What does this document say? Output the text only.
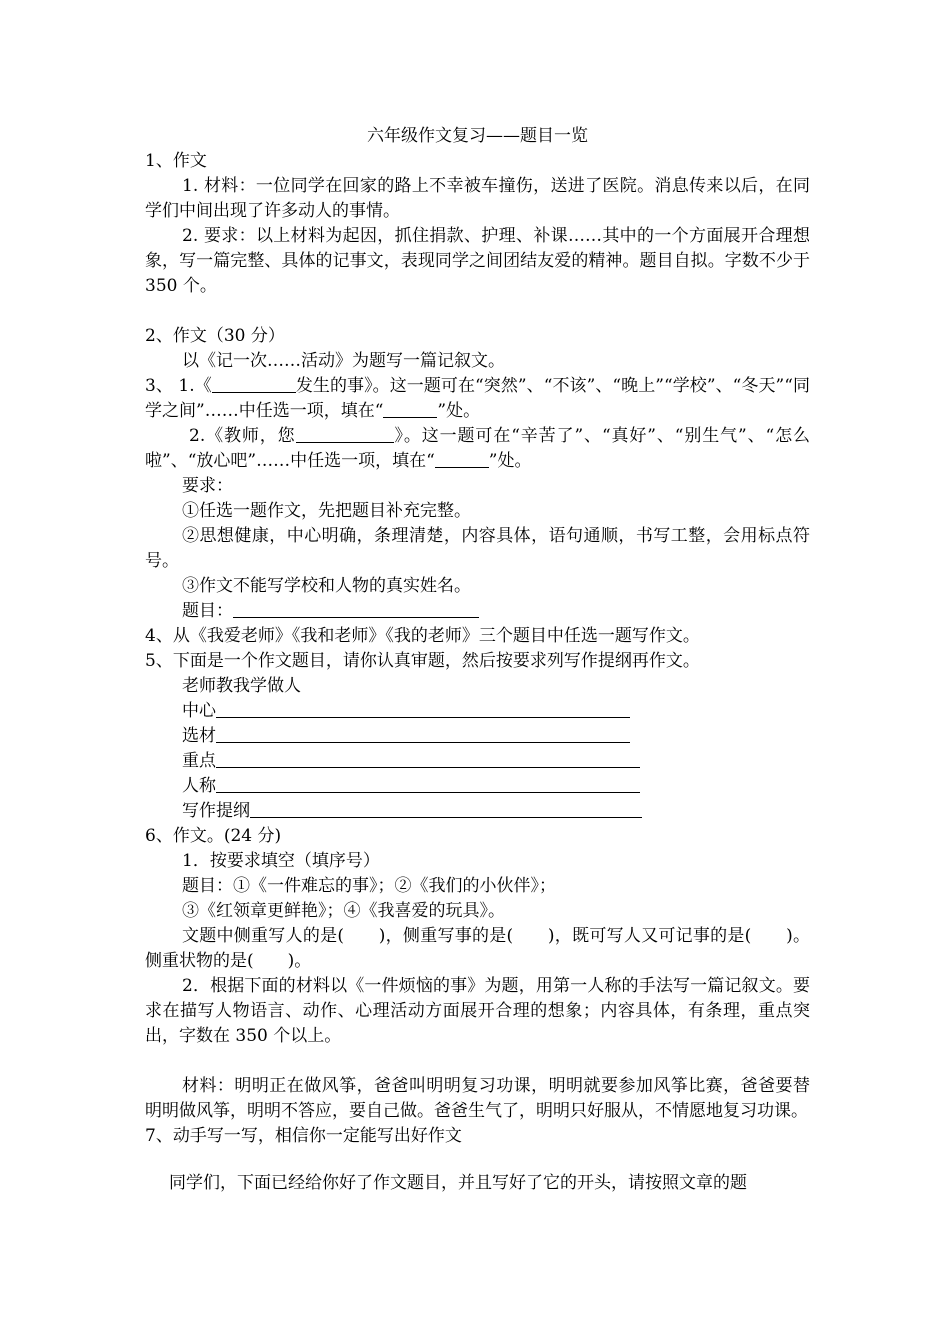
六年级作文复习——题目一览

1、作文

1. 材料：一位同学在回家的路上不幸被车撞伤，送进了医院。消息传来以后，在同学们中间出现了许多动人的事情。

2. 要求：以上材料为起因，抓住捐款、护理、补课……其中的一个方面展开合理想象，写一篇完整、具体的记事文，表现同学之间团结友爱的精神。题目自拟。字数不少于 350 个。

2、作文（30 分）

以《记一次……活动》为题写一篇记叙文。

3、 1.《	发生的事》。这一题可在“突然”、“不该”、“晚上”“学校”、“冬天”“同学之间”……中任选一项，填在“	”处。

2.《教师，您	》。这一题可在“辛苦了”、“真好”、“别生气”、“怎么啦”、“放心吧”……中任选一项，填在“	”处。

要求：

①任选一题作文，先把题目补充完整。

②思想健康，中心明确，条理清楚，内容具体，语句通顺，书写工整，会用标点符号。

③作文不能写学校和人物的真实姓名。

题目：

4、从《我爱老师》《我和老师》《我的老师》三个题目中任选一题写作文。

5、下面是一个作文题目，请你认真审题，然后按要求列写作提纲再作文。

老师教我学做人

中心

选材

重点

人称

写作提纲

6、作文。(24 分)

1．按要求填空（填序号）

题目：①《一件难忘的事》；②《我们的小伙伴》；

③《红领章更鲜艳》；④《我喜爱的玩具》。

文题中侧重写人的是(　　)，侧重写事的是(　　)，既可写人又可记事的是(　　)。侧重状物的是(　　)。

2．根据下面的材料以《一件烦恼的事》为题，用第一人称的手法写一篇记叙文。要求在描写人物语言、动作、心理活动方面展开合理的想象；内容具体，有条理，重点突出，字数在 350 个以上。

材料：明明正在做风筝，爸爸叫明明复习功课，明明就要参加风筝比赛，爸爸要替明明做风筝，明明不答应，要自己做。爸爸生气了，明明只好服从，不情愿地复习功课。

7、动手写一写，相信你一定能写出好作文

同学们，下面已经给你好了作文题目，并且写好了它的开头，请按照文章的题
